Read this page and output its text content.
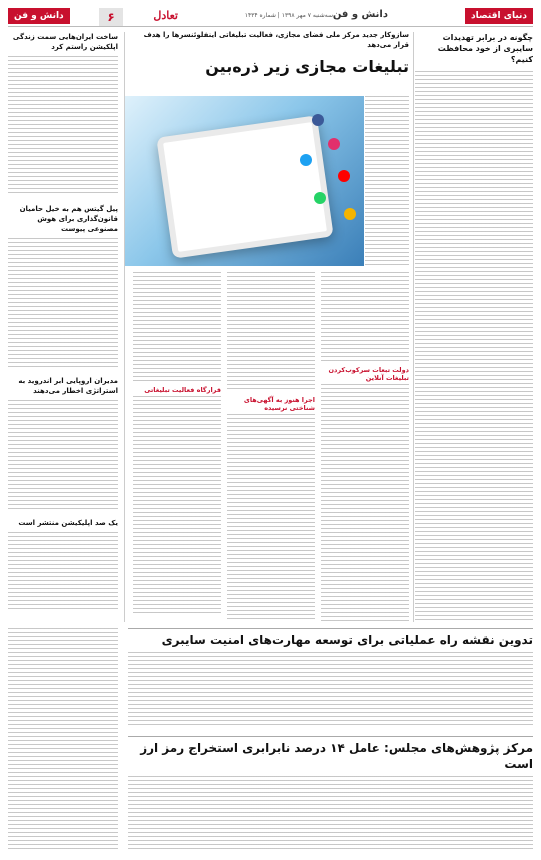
دنیای اقتصاد
۶	تعادل	سه‌شنبه ۷ مهر ۱۳۹۸ | شماره ۱۴۳۴ دانش و فن
دانش و فن
چگونه در برابر تهدیدات سایبری از خود محافظت کنیم؟
سازوکار جدید مرکز ملی فضای مجازی، فعالیت تبلیغاتی اینفلوئنسرها را هدف قرار می‌دهد
تبلیغات مجازی زیر ذره‌بین
دولت تبعات سرکوب‌کردن تبلیغات آنلاین
اجرا هنوز به آگهی‌های شناختی نرسیده
قرارگاه فعالیت تبلیغاتی
ساخت ایران‌هایی سمت زندگی اپلکیشن راستم کرد
پیل گیتس هم به خیل حامیان قانون‌گذاری برای هوش مصنوعی پیوست
مدیران اروپایی ابر اندروید به استراتژی اخطار می‌دهند
یک صد اپلیکیشن منتشر است
تدوین نقشه راه عملیاتی برای توسعه مهارت‌های امنیت سایبری
مرکز پژوهش‌های مجلس: عامل ۱۴ درصد نابرابری استخراج رمز ارز است
